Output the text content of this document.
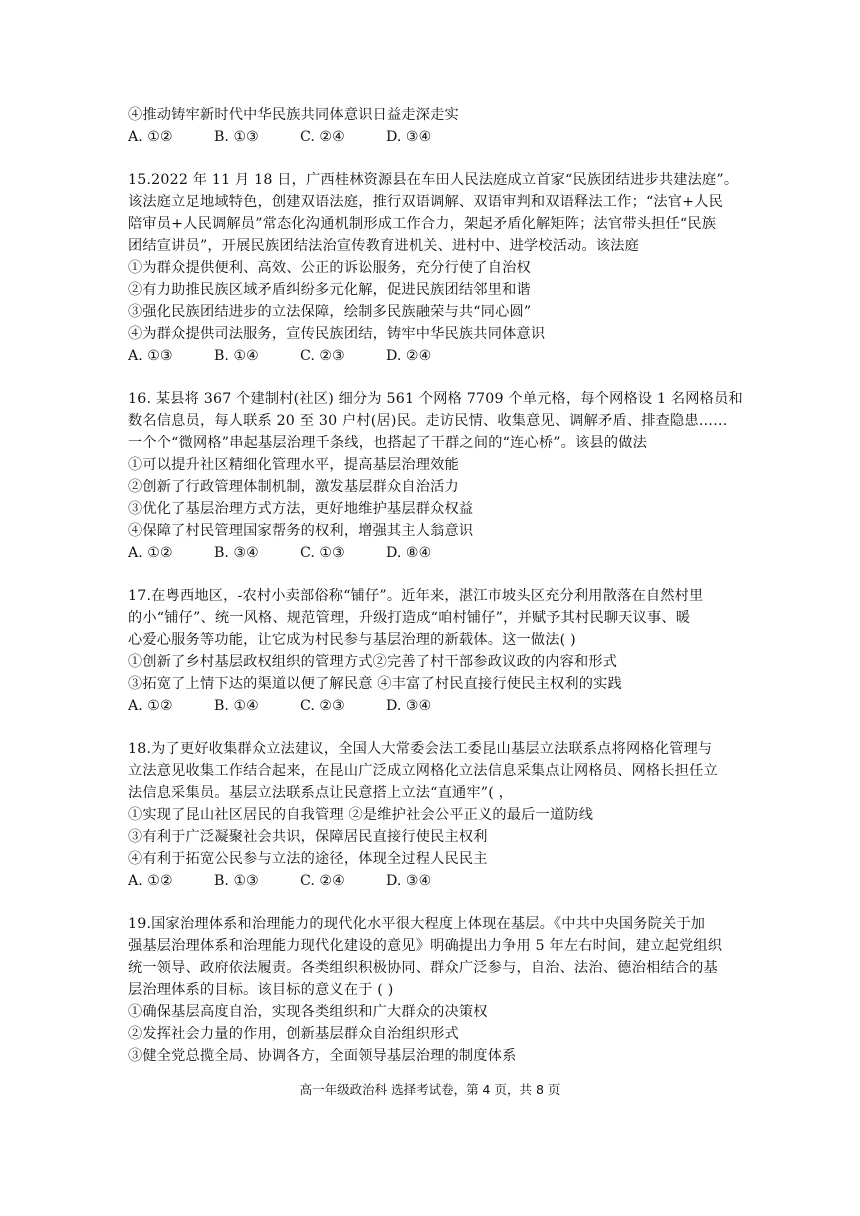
④推动铸牢新时代中华民族共同体意识日益走深走实
A. ①②	B. ①③	C. ②④	D. ③④
15.2022 年 11 月 18 日，广西桂林资源县在车田人民法庭成立首家“民族团结进步共建法庭”。
该法庭立足地域特色，创建双语法庭，推行双语调解、双语审判和双语释法工作；“法官+人民
陪审员+人民调解员”常态化沟通机制形成工作合力，架起矛盾化解矩阵；法官带头担任“民族
团结宣讲员”，开展民族团结法治宣传教育进机关、进村中、进学校活动。该法庭
①为群众提供便利、高效、公正的诉讼服务，充分行使了自治权
②有力助推民族区域矛盾纠纷多元化解，促进民族团结邻里和谐
③强化民族团结进步的立法保障，绘制多民族融荣与共“同心圆”
④为群众提供司法服务，宣传民族团结，铸牢中华民族共同体意识
A. ①③	B. ①④	C. ②③	D. ②④
16. 某县将 367 个建制村(社区) 细分为 561 个网格 7709 个单元格，每个网格设 1 名网格员和
数名信息员，每人联系 20 至 30 户村(居)民。走访民情、收集意见、调解矛盾、排查隐患……
一个个“微网格”串起基层治理千条线，也搭起了干群之间的“连心桥”。该县的做法
①可以提升社区精细化管理水平，提高基层治理效能
②创新了行政管理体制机制，激发基层群众自治活力
③优化了基层治理方式方法，更好地维护基层群众权益
④保障了村民管理国家帮务的权利，增强其主人翁意识
A. ①②	B. ③④	C. ①③	D. ⑧④
17.在粤西地区，-农村小卖部俗称“铺仔”。近年来，湛江市坡头区充分利用散落在自然村里
的小“铺仔”、统一风格、规范管理，升级打造成“咱村铺仔”，并赋予其村民聊天议事、暖
心爱心服务等功能，让它成为村民参与基层治理的新载体。这一做法( )
①创新了乡村基层政权组织的管理方式②完善了村干部参政议政的内容和形式
③拓宽了上情下达的渠道以便了解民意 ④丰富了村民直接行使民主权利的实践
A. ①②	B. ①④	C. ②③	D. ③④
18.为了更好收集群众立法建议，全国人大常委会法工委昆山基层立法联系点将网格化管理与
立法意见收集工作结合起来，在昆山广泛成立网格化立法信息采集点让网格员、网格长担任立
法信息采集员。基层立法联系点让民意搭上立法“直通牢”( ，
①实现了昆山社区居民的自我管理 ②是维护社会公平正义的最后一道防线
③有利于广泛凝聚社会共识，保障居民直接行使民主权利
④有利于拓宽公民参与立法的途径，体现全过程人民民主
A. ①②	B. ①③	C. ②④	D. ③④
19.国家治理体系和治理能力的现代化水平很大程度上体现在基层。《中共中央国务院关于加
强基层治理体系和治理能力现代化建设的意见》明确提出力争用 5 年左右时间，建立起党组织
统一领导、政府依法履责。各类组织积极协同、群众广泛参与，自治、法治、德治相结合的基
层治理体系的目标。该目标的意义在于 ( )
①确保基层高度自治，实现各类组织和广大群众的决策权
②发挥社会力量的作用，创新基层群众自治组织形式
③健全党总揽全局、协调各方，全面领导基层治理的制度体系
高一年级政治科 选择考试卷，第 4 页，共 8 页
